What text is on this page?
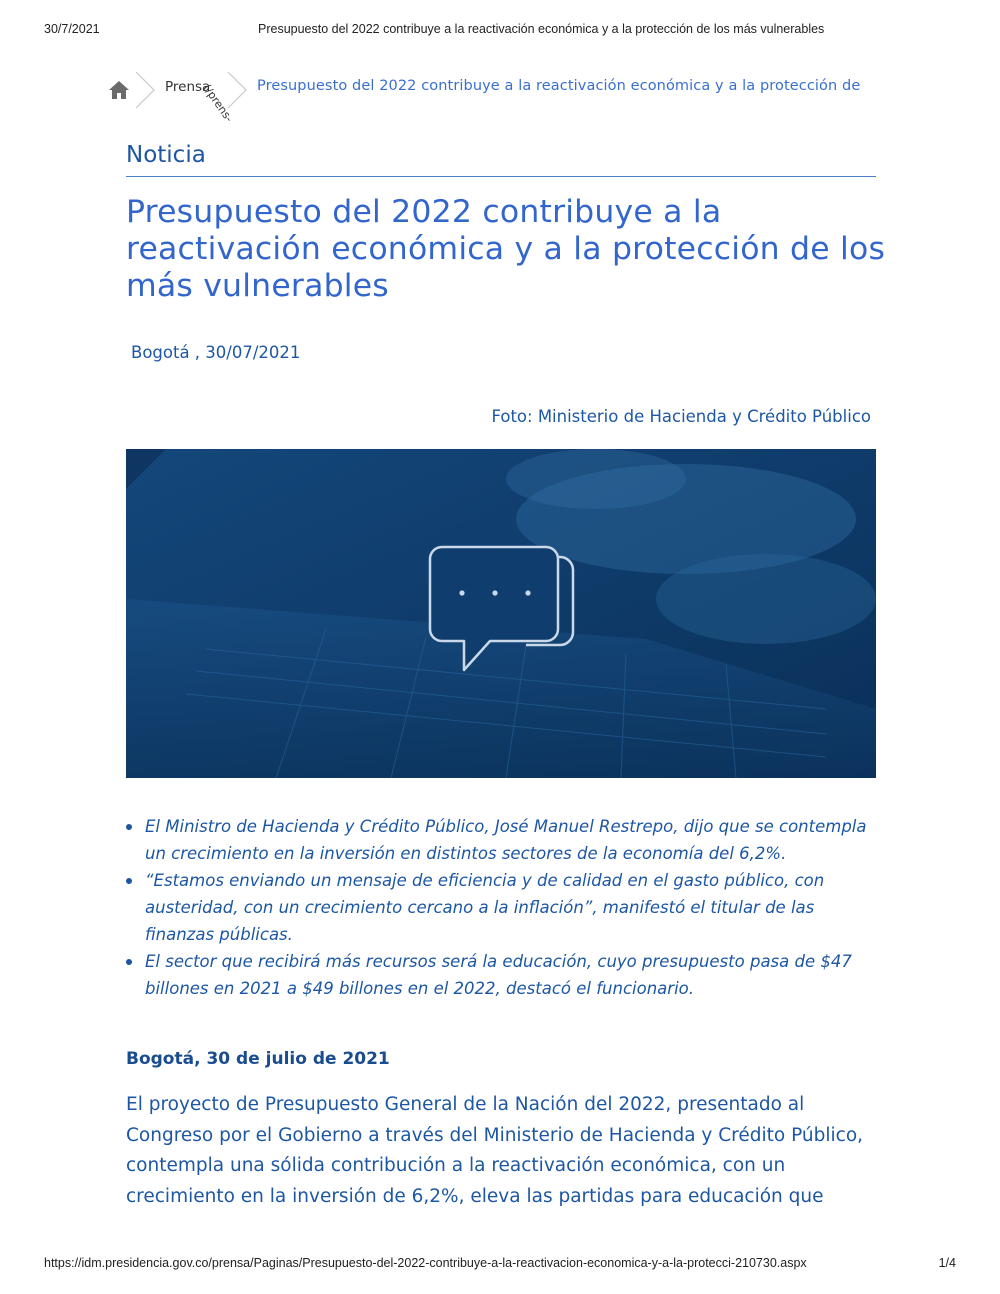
30/7/2021	Presupuesto del 2022 contribuye a la reactivación económica y a la protección de los más vulnerables
Prensa
(/prens- Presupuesto del 2022 contribuye a la reactivación económica y a la protección de
Noticia
Presupuesto del 2022 contribuye a la reactivación económica y a la protección de los más vulnerables
Bogotá , 30/07/2021
Foto: Ministerio de Hacienda y Crédito Público
El Ministro de Hacienda y Crédito Público, José Manuel Restrepo, dijo que se contempla un crecimiento en la inversión en distintos sectores de la economía del 6,2%.
“Estamos enviando un mensaje de eficiencia y de calidad en el gasto público, con austeridad, con un crecimiento cercano a la inflación”, manifestó el titular de las finanzas públicas.
El sector que recibirá más recursos será la educación, cuyo presupuesto pasa de $47 billones en 2021 a $49 billones en el 2022, destacó el funcionario.
Bogotá, 30 de julio de 2021

El proyecto de Presupuesto General de la Nación del 2022, presentado al Congreso por el Gobierno a través del Ministerio de Hacienda y Crédito Público, contempla una sólida contribución a la reactivación económica, con un crecimiento en la inversión de 6,2%, eleva las partidas para educación que

https://idm.presidencia.gov.co/prensa/Paginas/Presupuesto-del-2022-contribuye-a-la-reactivacion-economica-y-a-la-protecci-210730.aspx	1/4
